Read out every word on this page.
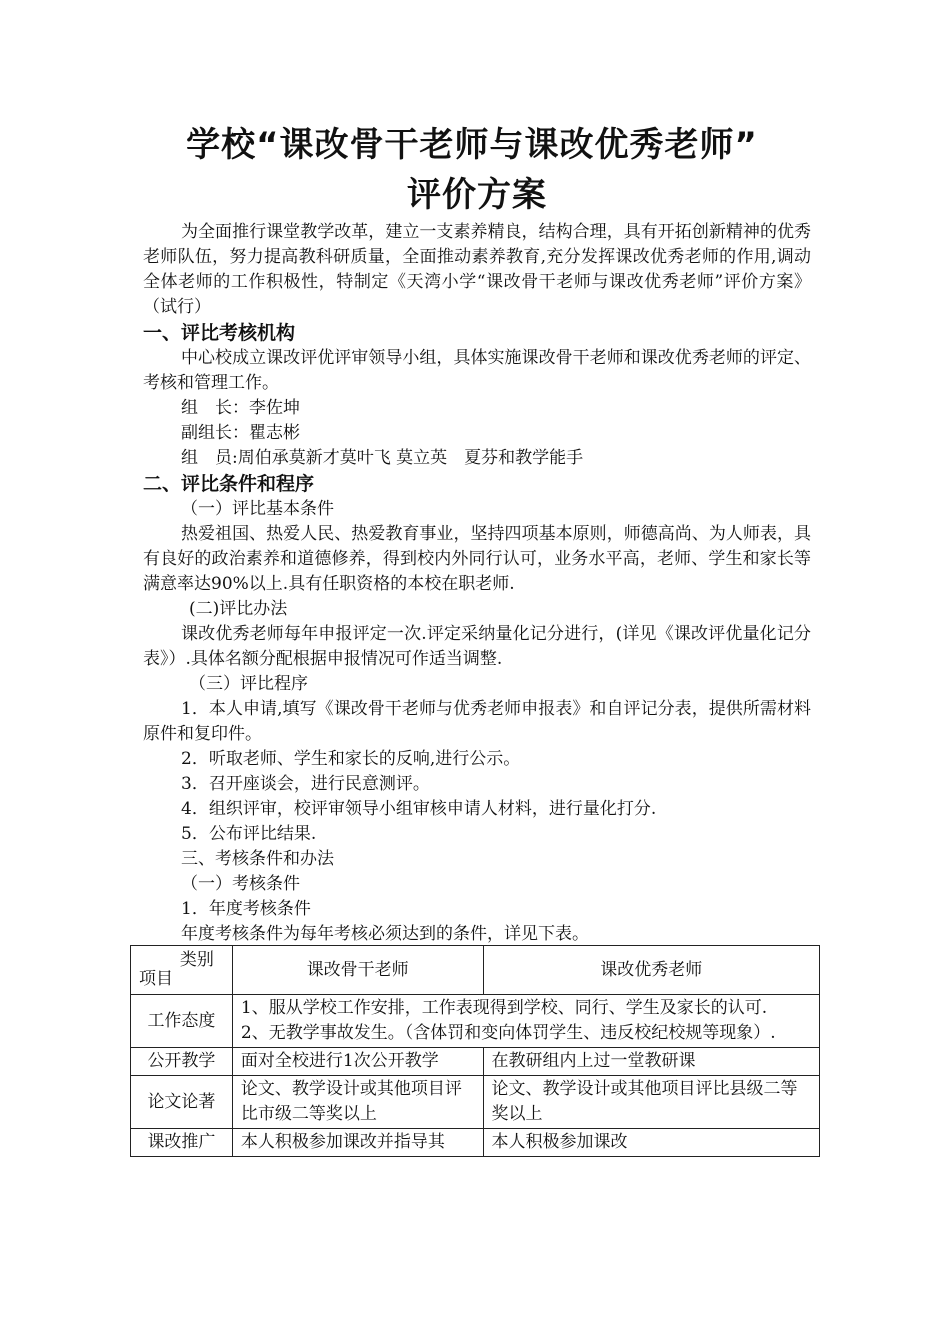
学校“课改骨干老师与课改优秀老师”
评价方案

为全面推行课堂教学改革，建立一支素养精良，结构合理，具有开拓创新精神的优秀老师队伍，努力提高教科研质量，全面推动素养教育,充分发挥课改优秀老师的作用,调动全体老师的工作积极性，特制定《天湾小学“课改骨干老师与课改优秀老师”评价方案》（试行）

一、评比考核机构

中心校成立课改评优评审领导小组，具体实施课改骨干老师和课改优秀老师的评定、考核和管理工作。

组　长：李佐坤

副组长：瞿志彬

组　员:周伯承莫新才莫叶飞 莫立英　夏芬和教学能手

二、评比条件和程序

（一）评比基本条件

热爱祖国、热爱人民、热爱教育事业，坚持四项基本原则，师德高尚、为人师表，具有良好的政治素养和道德修养，得到校内外同行认可，业务水平高，老师、学生和家长等满意率达90%以上.具有任职资格的本校在职老师.

(二)评比办法

课改优秀老师每年申报评定一次.评定采纳量化记分进行，(详见《课改评优量化记分表》）.具体名额分配根据申报情况可作适当调整.

（三）评比程序

1．本人申请,填写《课改骨干老师与优秀老师申报表》和自评记分表，提供所需材料原件和复印件。

2．听取老师、学生和家长的反响,进行公示。

3．召开座谈会，进行民意测评。

4．组织评审，校评审领导小组审核申请人材料，进行量化打分.

5．公布评比结果.

三、考核条件和办法

（一）考核条件

1．年度考核条件

年度考核条件为每年考核必须达到的条件，详见下表。

类别
项目	课改骨干老师	课改优秀老师
工作态度	1、服从学校工作安排，工作表现得到学校、同行、学生及家长的认可.
2、无教学事故发生。（含体罚和变向体罚学生、违反校纪校规等现象）.	
公开教学	面对全校进行1次公开教学	在教研组内上过一堂教研课
论文论著	论文、教学设计或其他项目评比市级二等奖以上	论文、教学设计或其他项目评比县级二等奖以上
课改推广	本人积极参加课改并指导其	本人积极参加课改
